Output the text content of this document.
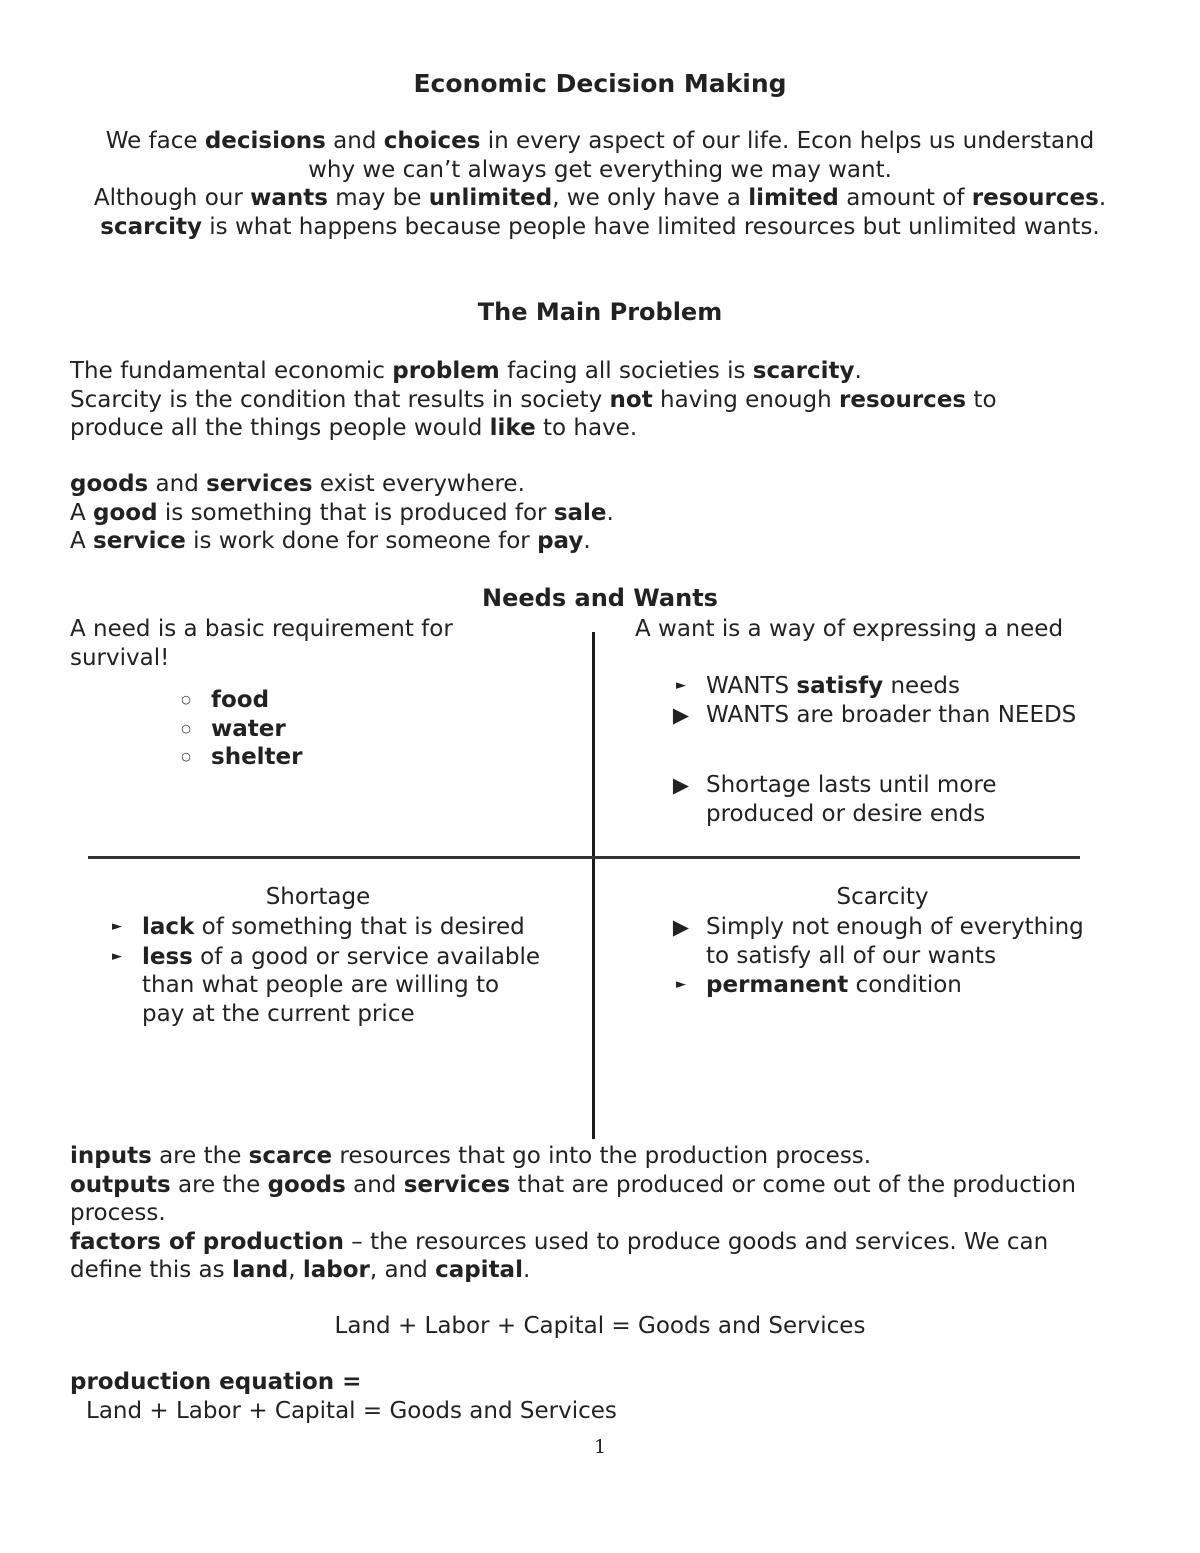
Economic Decision Making

We face decisions and choices in every aspect of our life. Econ helps us understand

why we can’t always get everything we may want.

Although our wants may be unlimited, we only have a limited amount of resources.

scarcity is what happens because people have limited resources but unlimited wants.

The Main Problem

The fundamental economic problem facing all societies is scarcity.

Scarcity is the condition that results in society not having enough resources to

produce all the things people would like to have.

goods and services exist everywhere.

A good is something that is produced for sale.

A service is work done for someone for pay.

Needs and Wants

A need is a basic requirement for

survival!

○ food
○ water
○ shelter
A want is a way of expressing a need
► WANTS satisfy needs
▶ WANTS are broader than NEEDS
▶ Shortage lasts until more
produced or desire ends
Shortage
► lack of something that is desired
► less of a good or service available
than what people are willing to
pay at the current price
Scarcity
▶ Simply not enough of everything
to satisfy all of our wants
► permanent condition

inputs are the scarce resources that go into the production process.

outputs are the goods and services that are produced or come out of the production

process.

factors of production – the resources used to produce goods and services. We can

define this as land, labor, and capital.

Land + Labor + Capital = Goods and Services
production equation =
Land + Labor + Capital = Goods and Services
1
